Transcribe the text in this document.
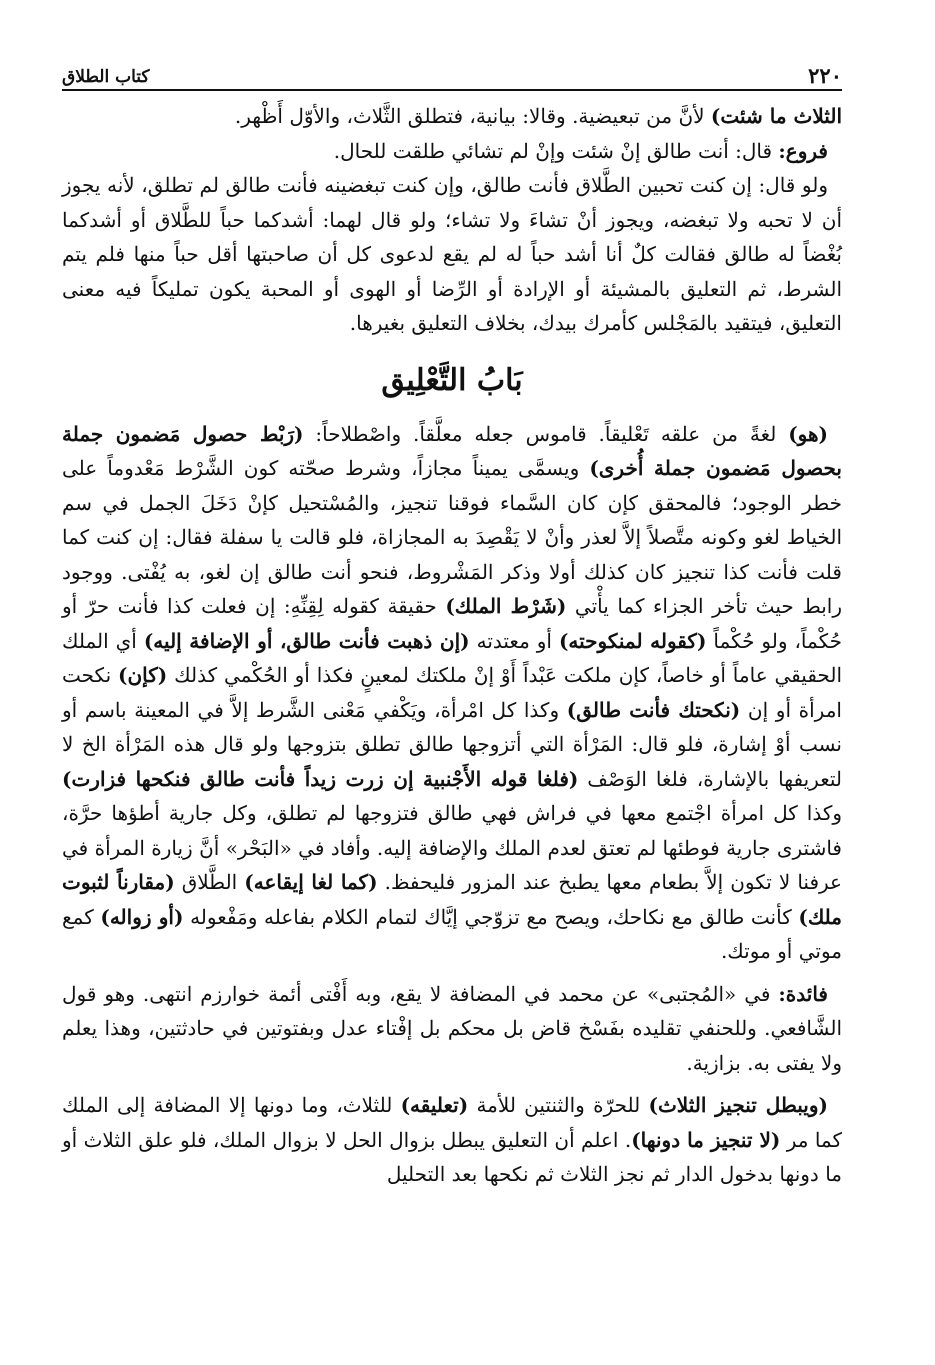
٢٢٠
كتاب الطلاق

الثلاث ما شئت) لأنَّ من تبعيضية. وقالا: بيانية، فتطلق الثَّلاث، والأوّل أَظْهر.

فروع: قال: أنت طالق إنْ شئت وإنْ لم تشائي طلقت للحال.

ولو قال: إن كنت تحبين الطَّلاق فأنت طالق، وإن كنت تبغضينه فأنت طالق لم تطلق، لأنه يجوز أن لا تحبه ولا تبغضه، ويجوز أنْ تشاءَ ولا تشاء؛ ولو قال لهما: أشدكما حباً للطَّلاق أو أشدكما بُغْضاً له طالق فقالت كلٌ أنا أشد حباً له لم يقع لدعوى كل أن صاحبتها أقل حباً منها فلم يتم الشرط، ثم التعليق بالمشيئة أو الإرادة أو الرِّضا أو الهوى أو المحبة يكون تمليكاً فيه معنى التعليق، فيتقيد بالمَجْلس كأمرك بيدك، بخلاف التعليق بغيرها.

بَابُ التَّعْلِيق

(هو) لغةً من علقه تَعْليقاً. قاموس جعله معلَّقاً. واصْطلاحاً: (رَبْط حصول مَضمون جملة بحصول مَضمون جملة أُخرى) ويسمَّى يميناً مجازاً، وشرط صحّته كون الشَّرْط مَعْدوماً على خطر الوجود؛ فالمحقق كإن كان السَّماء فوقنا تنجيز، والمُسْتحيل كإنْ دَخَلَ الجمل في سم الخياط لغو وكونه متَّصلاً إلاَّ لعذر وأنْ لا يَقْصِدَ به المجازاة، فلو قالت يا سفلة فقال: إن كنت كما قلت فأنت كذا تنجيز كان كذلك أولا وذكر المَشْروط، فنحو أنت طالق إن لغو، به يُفْتى. ووجود رابط حيث تأخر الجزاء كما يأْتي (شَرْط الملك) حقيقة كقوله لِقِنِّهِ: إن فعلت كذا فأنت حرّ أو حُكْماً، ولو حُكْماً (كقوله لمنكوحته) أو معتدته (إن ذهبت فأنت طالق، أو الإضافة إليه) أي الملك الحقيقي عاماً أو خاصاً، كإن ملكت عَبْداً أَوْ إنْ ملكتك لمعينٍ فكذا أو الحُكْمي كذلك (كإن) نكحت امرأة أو إن (نكحتك فأنت طالق) وكذا كل امْرأة، ويَكْفي مَعْنى الشَّرط إلاَّ في المعينة باسم أو نسب أوْ إشارة، فلو قال: المَرْأة التي أتزوجها طالق تطلق بتزوجها ولو قال هذه المَرْأة الخ لا لتعريفها بالإشارة، فلغا الوَصْف (فلغا قوله الأَجْنبية إن زرت زيداً فأنت طالق فنكحها فزارت) وكذا كل امرأة اجْتمع معها في فراش فهي طالق فتزوجها لم تطلق، وكل جارية أطؤها حرَّة، فاشترى جارية فوطئها لم تعتق لعدم الملك والإضافة إليه. وأفاد في «البَحْر» أنَّ زيارة المرأة في عرفنا لا تكون إلاَّ بطعام معها يطبخ عند المزور فليحفظ. (كما لغا إيقاعه) الطَّلاق (مقارناً لثبوت ملك) كأنت طالق مع نكاحك، ويصح مع تزوّجي إيَّاك لتمام الكلام بفاعله ومَفْعوله (أو زواله) كمع موتي أو موتك.

فائدة: في «المُجتبى» عن محمد في المضافة لا يقع، وبه أَفْتى أئمة خوارزم انتهى. وهو قول الشَّافعي. وللحنفي تقليده بفَسْخ قاض بل محكم بل إفْتاء عدل وبفتوتين في حادثتين، وهذا يعلم ولا يفتى به. بزازية.

(ويبطل تنجيز الثلاث) للحرّة والثنتين للأمة (تعليقه) للثلاث، وما دونها إلا المضافة إلى الملك كما مر (لا تنجيز ما دونها). اعلم أن التعليق يبطل بزوال الحل لا بزوال الملك، فلو علق الثلاث أو ما دونها بدخول الدار ثم نجز الثلاث ثم نكحها بعد التحليل
